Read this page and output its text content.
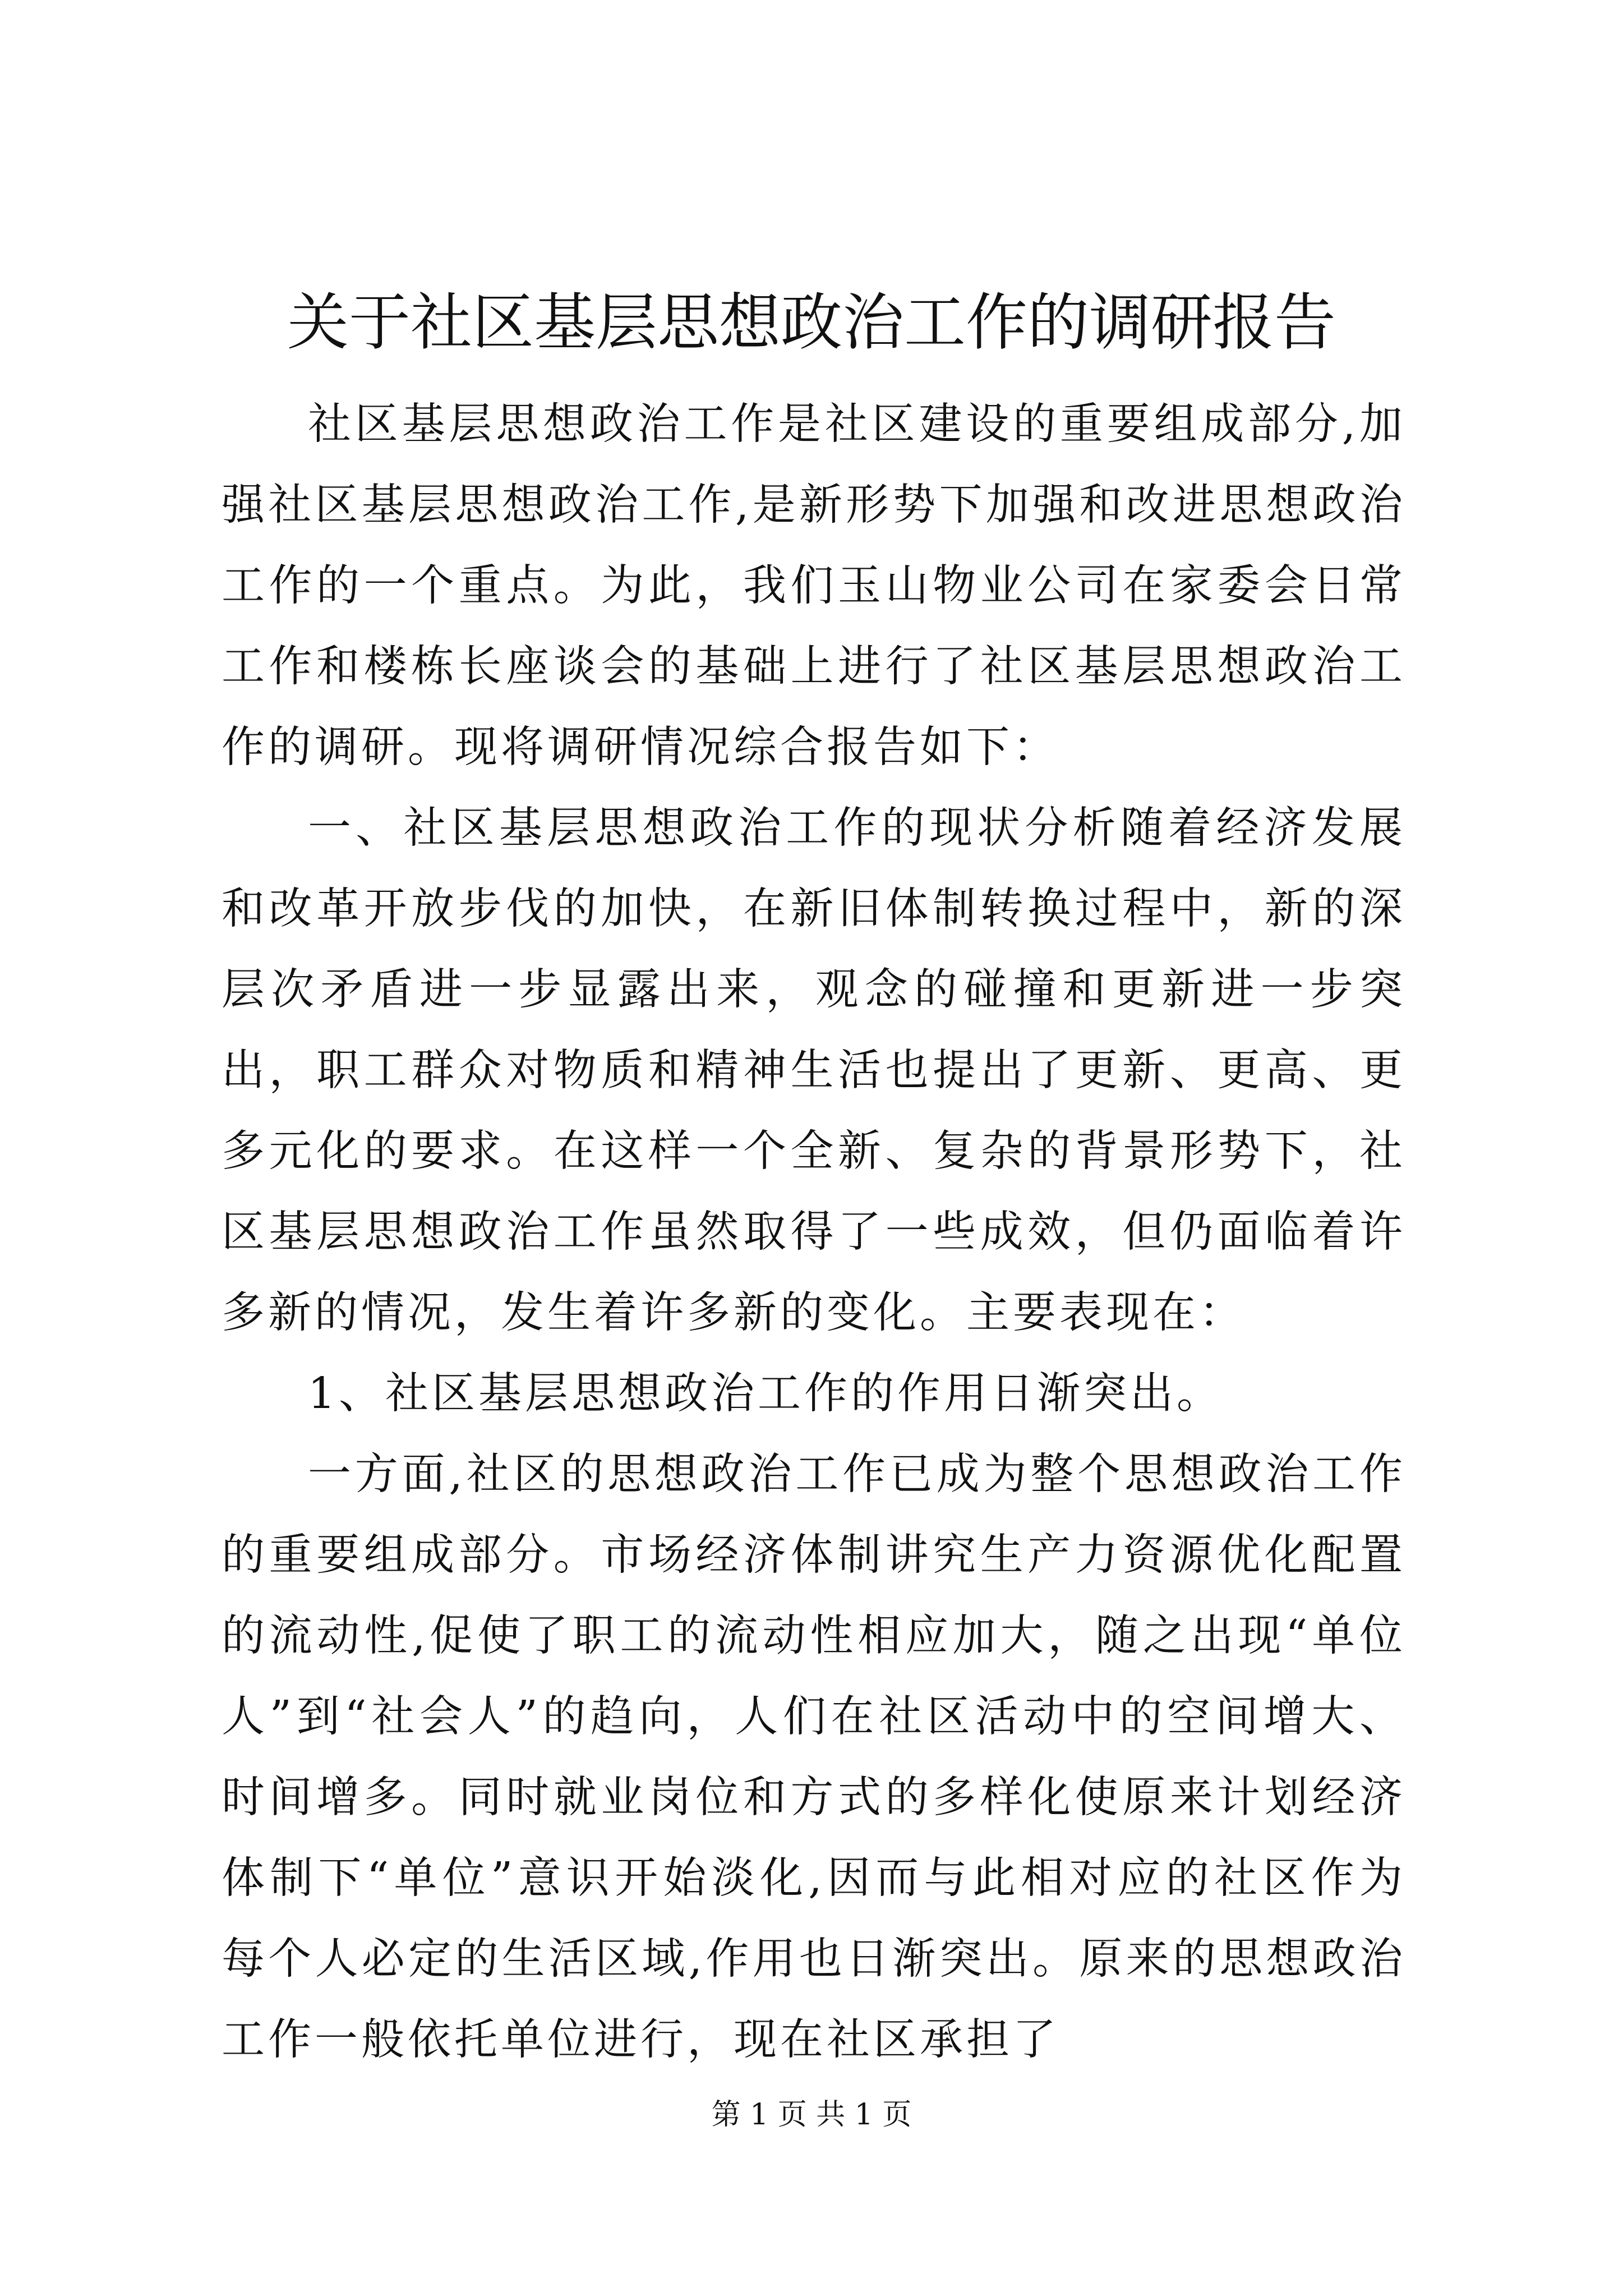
关于社区基层思想政治工作的调研报告

社区基层思想政治工作是社区建设的重要组成部分,加强社区基层思想政治工作,是新形势下加强和改进思想政治工作的一个重点。为此，我们玉山物业公司在家委会日常工作和楼栋长座谈会的基础上进行了社区基层思想政治工作的调研。现将调研情况综合报告如下：

一、社区基层思想政治工作的现状分析随着经济发展和改革开放步伐的加快，在新旧体制转换过程中，新的深层次矛盾进一步显露出来，观念的碰撞和更新进一步突出，职工群众对物质和精神生活也提出了更新、更高、更多元化的要求。在这样一个全新、复杂的背景形势下，社区基层思想政治工作虽然取得了一些成效，但仍面临着许多新的情况，发生着许多新的变化。主要表现在：

1、社区基层思想政治工作的作用日渐突出。

一方面,社区的思想政治工作已成为整个思想政治工作的重要组成部分。市场经济体制讲究生产力资源优化配置的流动性,促使了职工的流动性相应加大，随之出现“单位人”到“社会人”的趋向，人们在社区活动中的空间增大、时间增多。同时就业岗位和方式的多样化使原来计划经济体制下“单位”意识开始淡化,因而与此相对应的社区作为每个人必定的生活区域,作用也日渐突出。原来的思想政治工作一般依托单位进行，现在社区承担了

第 1 页 共 1 页
